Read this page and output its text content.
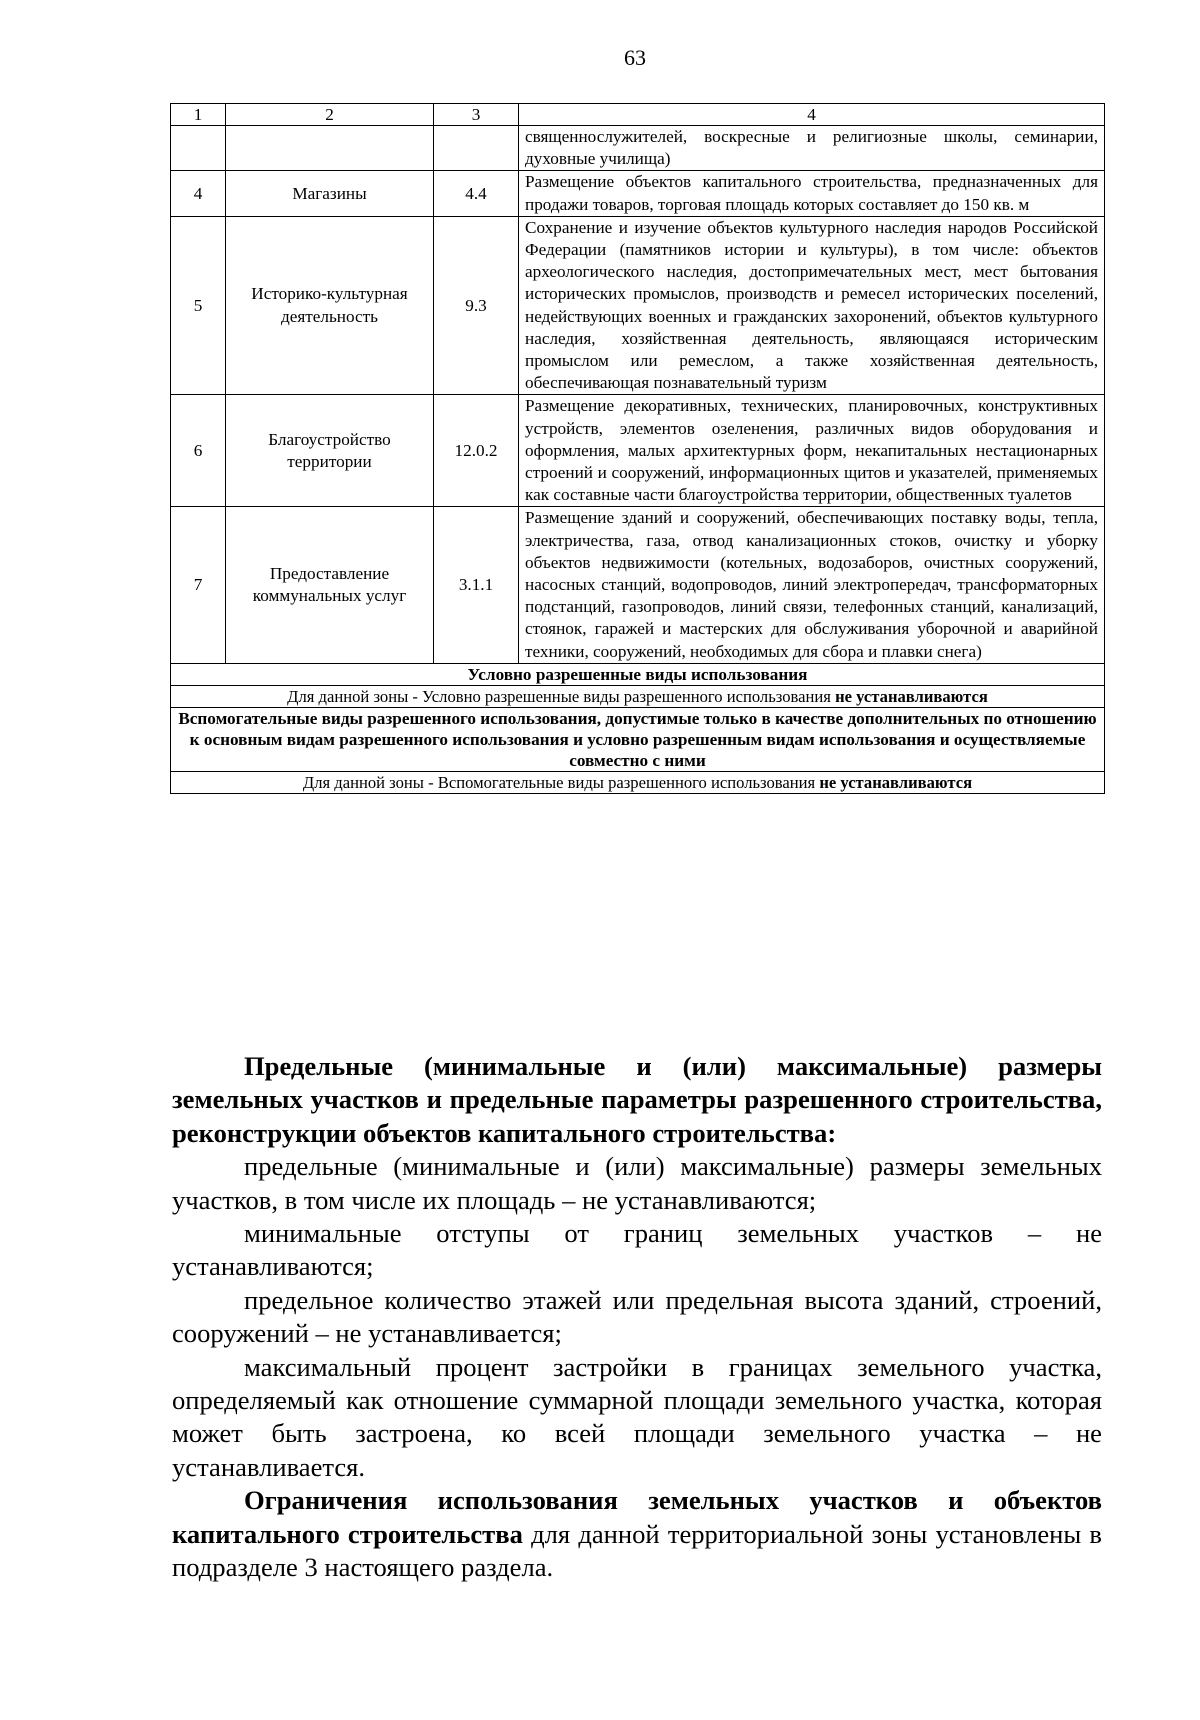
63
1	2	3	4
			священнослужителей, воскресные и религиозные школы, семинарии, духовные училища)
4	Магазины	4.4	Размещение объектов капитального строительства, предназначенных для продажи товаров, торговая площадь которых составляет до 150 кв. м
5	Историко-культурная деятельность	9.3	Сохранение и изучение объектов культурного наследия народов Российской Федерации (памятников истории и культуры), в том числе: объектов археологического наследия, достопримечательных мест, мест бытования исторических промыслов, производств и ремесел исторических поселений, недействующих военных и гражданских захоронений, объектов культурного наследия, хозяйственная деятельность, являющаяся историческим промыслом или ремеслом, а также хозяйственная деятельность, обеспечивающая познавательный туризм
6	Благоустройство территории	12.0.2	Размещение декоративных, технических, планировочных, конструктивных устройств, элементов озеленения, различных видов оборудования и оформления, малых архитектурных форм, некапитальных нестационарных строений и сооружений, информационных щитов и указателей, применяемых как составные части благоустройства территории, общественных туалетов
7	Предоставление коммунальных услуг	3.1.1	Размещение зданий и сооружений, обеспечивающих поставку воды, тепла, электричества, газа, отвод канализационных стоков, очистку и уборку объектов недвижимости (котельных, водозаборов, очистных сооружений, насосных станций, водопроводов, линий электропередач, трансформаторных подстанций, газопроводов, линий связи, телефонных станций, канализаций, стоянок, гаражей и мастерских для обслуживания уборочной и аварийной техники, сооружений, необходимых для сбора и плавки снега)
Условно разрешенные виды использования			
Для данной зоны - Условно разрешенные виды разрешенного использования не устанавливаются			
Вспомогательные виды разрешенного использования, допустимые только в качестве дополнительных по отношению к основным видам разрешенного использования и условно разрешенным видам использования и осуществляемые совместно с ними			
Для данной зоны - Вспомогательные виды разрешенного использования не устанавливаются			

Предельные (минимальные и (или) максимальные) размеры земельных участков и предельные параметры разрешенного строительства, реконструкции объектов капитального строительства:

предельные (минимальные и (или) максимальные) размеры земельных участков, в том числе их площадь – не устанавливаются;

минимальные отступы от границ земельных участков – не устанавливаются;

предельное количество этажей или предельная высота зданий, строений, сооружений – не устанавливается;

максимальный процент застройки в границах земельного участка, определяемый как отношение суммарной площади земельного участка, которая может быть застроена, ко всей площади земельного участка – не устанавливается.

Ограничения использования земельных участков и объектов капитального строительства для данной территориальной зоны установлены в подразделе 3 настоящего раздела.
